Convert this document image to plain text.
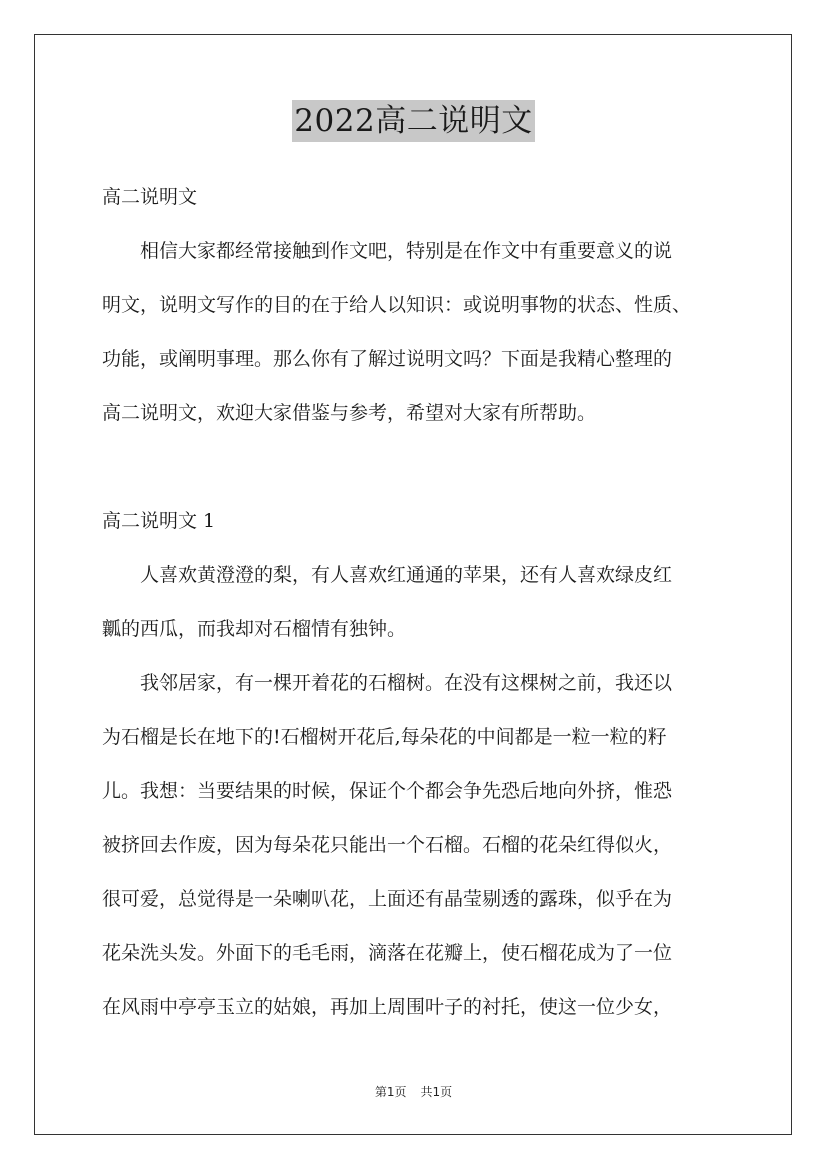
2022高二说明文

高二说明文

相信大家都经常接触到作文吧，特别是在作文中有重要意义的说
明文，说明文写作的目的在于给人以知识：或说明事物的状态、性质、
功能，或阐明事理。那么你有了解过说明文吗？下面是我精心整理的
高二说明文，欢迎大家借鉴与参考，希望对大家有所帮助。

高二说明文 1

人喜欢黄澄澄的梨，有人喜欢红通通的苹果，还有人喜欢绿皮红
瓤的西瓜，而我却对石榴情有独钟。

我邻居家，有一棵开着花的石榴树。在没有这棵树之前，我还以
为石榴是长在地下的!石榴树开花后,每朵花的中间都是一粒一粒的籽
儿。我想：当要结果的时候，保证个个都会争先恐后地向外挤，惟恐
被挤回去作废，因为每朵花只能出一个石榴。石榴的花朵红得似火，
很可爱，总觉得是一朵喇叭花，上面还有晶莹剔透的露珠，似乎在为
花朵洗头发。外面下的毛毛雨，滴落在花瓣上，使石榴花成为了一位
在风雨中亭亭玉立的姑娘，再加上周围叶子的衬托，使这一位少女，

第1页 共1页
